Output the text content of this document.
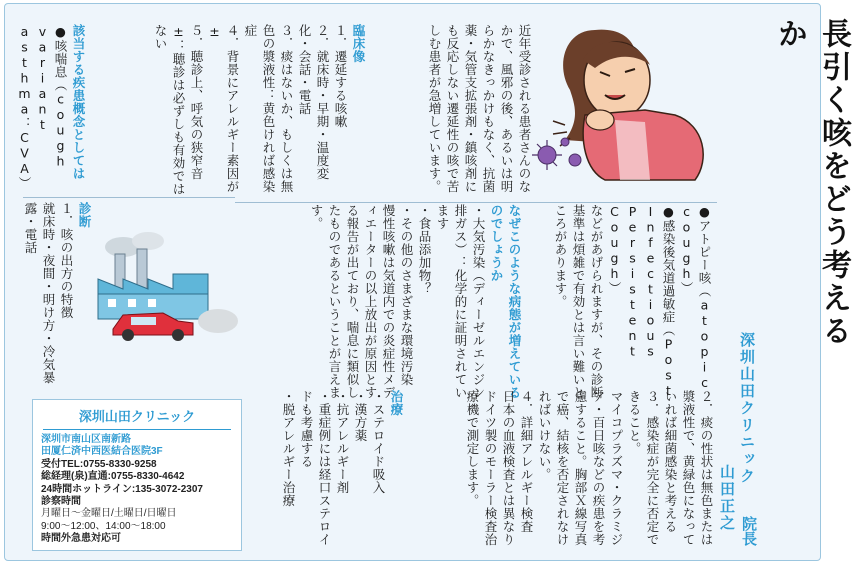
長引く咳をどう考えるか
深圳山田クリニック
山田正之 院長
近年受診される患者さんのなかで、風邪の後、あるいは明らかなきっかけもなく、抗菌薬・気管支拡張剤・鎮咳剤にも反応しない遷延性の咳で苦しむ患者が急増しています。
臨床像
１．遷延する咳嗽
２．就床時・早期・温度変化・会話・電話
３．痰はないか、もしくは無色の漿液性：黄色ければ感染症
４．背景にアレルギー素因が±
５．聴診上、呼気の狭窄音±：聴診は必ずしも有効ではない
該当する疾患概念としては
●咳喘息（cough variant asthma：CVA）
診断
１．咳の出方の特徴
就床時・夜間・明け方・冷気暴露・電話	●アトピー咳（atopic cough）
●感染後気道過敏症（Post Infectious Persistent Cough）
などがあげられますが、その診断基準は煩雑で有効とは言い難いところがあります。
なぜこのような病態が増えているのでしょうか
・大気汚染（ディーゼルエンジン排ガス）：化学的に証明されています
・食品添加物？
・その他のさまざまな環境汚染
慢性咳嗽は気道内での炎症性メディエーターの以上放出が原因とする報告が出ており、喘息に類似したものであるということが言えます。
２．痰の性状は無色または漿液性で、黄緑色になっていれば細菌感染と考える
３．感染症が完全に否定できること。
マイコプラズマ・クラミジア・百日咳などの疾患を考慮すること。胸部Ｘ線写真で癌、結核を否定されなければいけない。
４．詳細アレルギー検査
日本の血液検査とは異なりドイツ製のモーラー検査治療機で測定します。
治療
・ステロイド吸入
・漢方薬
・抗アレルギー剤
・重症例には経口ステロイドも考慮する
・脱アレルギー治療
深圳山田クリニック
深圳市南山区南新路
田厦仁済中西医結合医院3F
受付TEL:0755-8330-9258
総経理(泉)直通:0755-8330-4642
24時間ホットライン:135-3072-2307
診察時間
月曜日〜金曜日/土曜日/日曜日
9:00〜12:00、14:00〜18:00
時間外急患対応可
